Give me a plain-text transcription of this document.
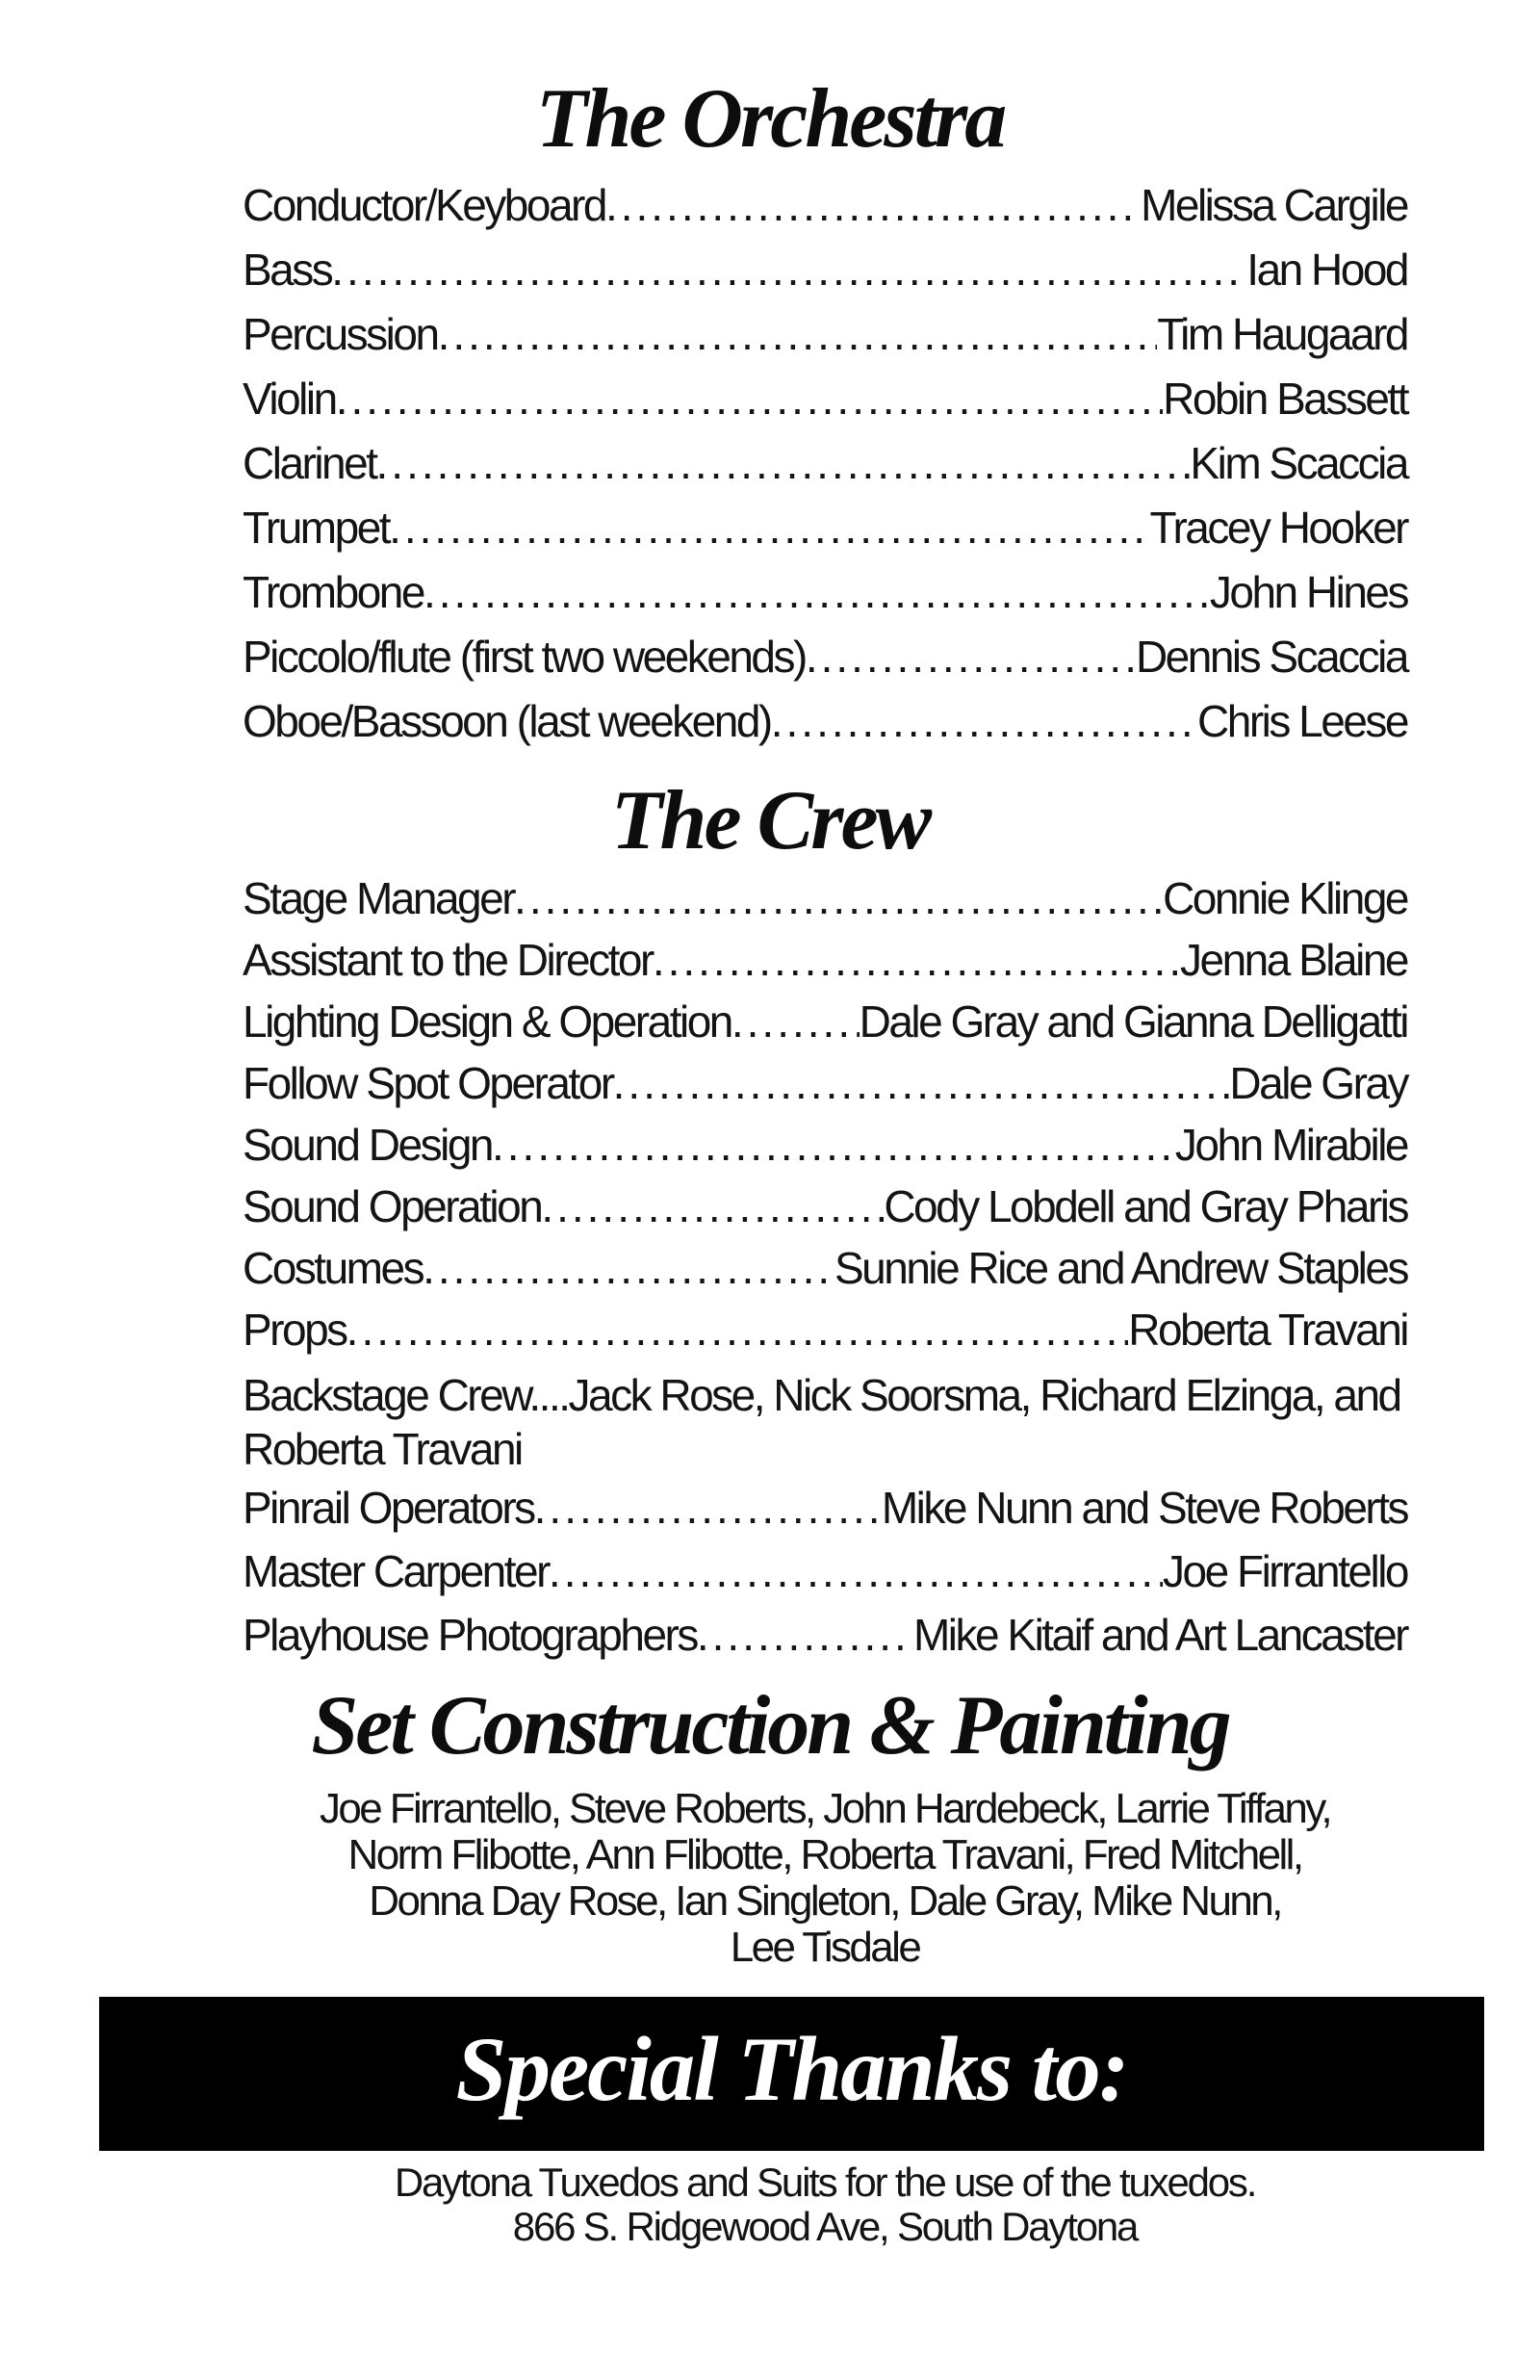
The Orchestra
Conductor/Keyboard .....	Melissa Cargile
Bass .....	Ian Hood
Percussion .....	Tim Haugaard
Violin .....	Robin Bassett
Clarinet .....	Kim Scaccia
Trumpet .....	Tracey Hooker
Trombone .....	John Hines
Piccolo/flute (first two weekends) .....	Dennis Scaccia
Oboe/Bassoon (last weekend) .....	Chris Leese
The Crew
Stage Manager .....	Connie Klinge
Assistant to the Director .....	Jenna Blaine
Lighting Design & Operation .....	Dale Gray and Gianna Delligatti
Follow Spot Operator .....	Dale Gray
Sound Design .....	John Mirabile
Sound Operation .....	Cody Lobdell and Gray Pharis
Costumes .....	Sunnie Rice and Andrew Staples
Props .....	Roberta Travani
Backstage Crew....Jack Rose, Nick Soorsma, Richard Elzinga, and
Roberta Travani
Pinrail Operators .....	Mike Nunn and Steve Roberts
Master Carpenter .....	Joe Firrantello
Playhouse Photographers .....	Mike Kitaif and Art Lancaster
Set Construction & Painting
Joe Firrantello, Steve Roberts, John Hardebeck, Larrie Tiffany,
Norm Flibotte, Ann Flibotte, Roberta Travani, Fred Mitchell,
Donna Day Rose, Ian Singleton, Dale Gray, Mike Nunn,
Lee Tisdale
Special Thanks to:
Daytona Tuxedos and Suits for the use of the tuxedos.
866 S. Ridgewood Ave, South Daytona
